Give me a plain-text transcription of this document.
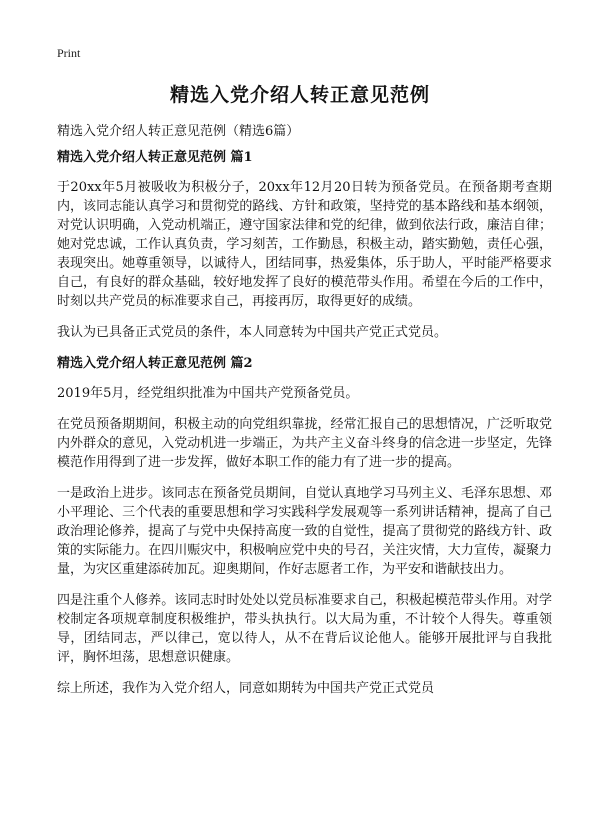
Print
精选入党介绍人转正意见范例

精选入党介绍人转正意见范例（精选6篇）

精选入党介绍人转正意见范例 篇1

于20xx年5月被吸收为积极分子，20xx年12月20日转为预备党员。在预备期考查期内，该同志能认真学习和贯彻党的路线、方针和政策，坚持党的基本路线和基本纲领，对党认识明确，入党动机端正，遵守国家法律和党的纪律，做到依法行政，廉洁自律；她对党忠诚，工作认真负责，学习刻苦，工作勤恳，积极主动，踏实勤勉，责任心强，表现突出。她尊重领导，以诚待人，团结同事，热爱集体，乐于助人，平时能严格要求自己，有良好的群众基础，较好地发挥了良好的模范带头作用。希望在今后的工作中，时刻以共产党员的标准要求自己，再接再厉，取得更好的成绩。

我认为已具备正式党员的条件，本人同意转为中国共产党正式党员。

精选入党介绍人转正意见范例 篇2

2019年5月，经党组织批准为中国共产党预备党员。

在党员预备期期间，积极主动的向党组织靠拢，经常汇报自己的思想情况，广泛听取党内外群众的意见，入党动机进一步端正，为共产主义奋斗终身的信念进一步坚定，先锋模范作用得到了进一步发挥，做好本职工作的能力有了进一步的提高。

一是政治上进步。该同志在预备党员期间，自觉认真地学习马列主义、毛泽东思想、邓小平理论、三个代表的重要思想和学习实践科学发展观等一系列讲话精神，提高了自己政治理论修养，提高了与党中央保持高度一致的自觉性，提高了贯彻党的路线方针、政策的实际能力。在四川赈灾中，积极响应党中央的号召，关注灾情，大力宣传，凝聚力量，为灾区重建添砖加瓦。迎奥期间，作好志愿者工作，为平安和谐献技出力。

四是注重个人修养。该同志时时处处以党员标准要求自己，积极起模范带头作用。对学校制定各项规章制度积极维护，带头执执行。以大局为重，不计较个人得失。尊重领导，团结同志，严以律己，宽以待人，从不在背后议论他人。能够开展批评与自我批评，胸怀坦荡，思想意识健康。

综上所述，我作为入党介绍人，同意如期转为中国共产党正式党员
